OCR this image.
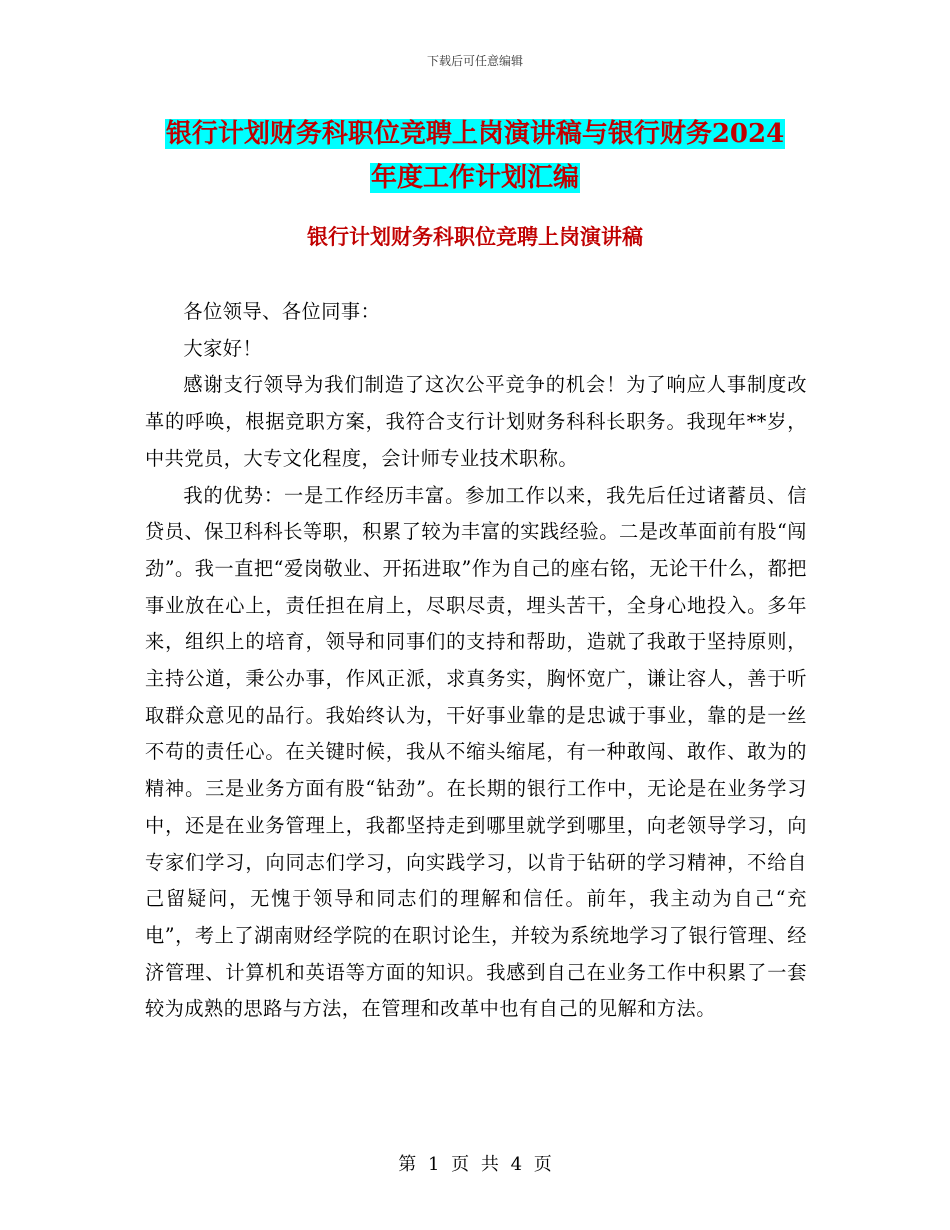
下载后可任意编辑
银行计划财务科职位竞聘上岗演讲稿与银行财务2024
年度工作计划汇编
银行计划财务科职位竞聘上岗演讲稿

各位领导、各位同事：

大家好！

感谢支行领导为我们制造了这次公平竞争的机会！为了响应人事制度改革的呼唤，根据竞职方案，我符合支行计划财务科科长职务。我现年**岁，中共党员，大专文化程度，会计师专业技术职称。

我的优势：一是工作经历丰富。参加工作以来，我先后任过诸蓄员、信贷员、保卫科科长等职，积累了较为丰富的实践经验。二是改革面前有股“闯劲”。我一直把“爱岗敬业、开拓进取”作为自己的座右铭，无论干什么，都把事业放在心上，责任担在肩上，尽职尽责，埋头苦干，全身心地投入。多年来，组织上的培育，领导和同事们的支持和帮助，造就了我敢于坚持原则，主持公道，秉公办事，作风正派，求真务实，胸怀宽广，谦让容人，善于听取群众意见的品行。我始终认为，干好事业靠的是忠诚于事业，靠的是一丝不苟的责任心。在关键时候，我从不缩头缩尾，有一种敢闯、敢作、敢为的精神。三是业务方面有股“钻劲”。在长期的银行工作中，无论是在业务学习中，还是在业务管理上，我都坚持走到哪里就学到哪里，向老领导学习，向专家们学习，向同志们学习，向实践学习，以肯于钻研的学习精神，不给自己留疑问，无愧于领导和同志们的理解和信任。前年，我主动为自己“充电”，考上了湖南财经学院的在职讨论生，并较为系统地学习了银行管理、经济管理、计算机和英语等方面的知识。我感到自己在业务工作中积累了一套较为成熟的思路与方法，在管理和改革中也有自己的见解和方法。

第 1 页 共 4 页
